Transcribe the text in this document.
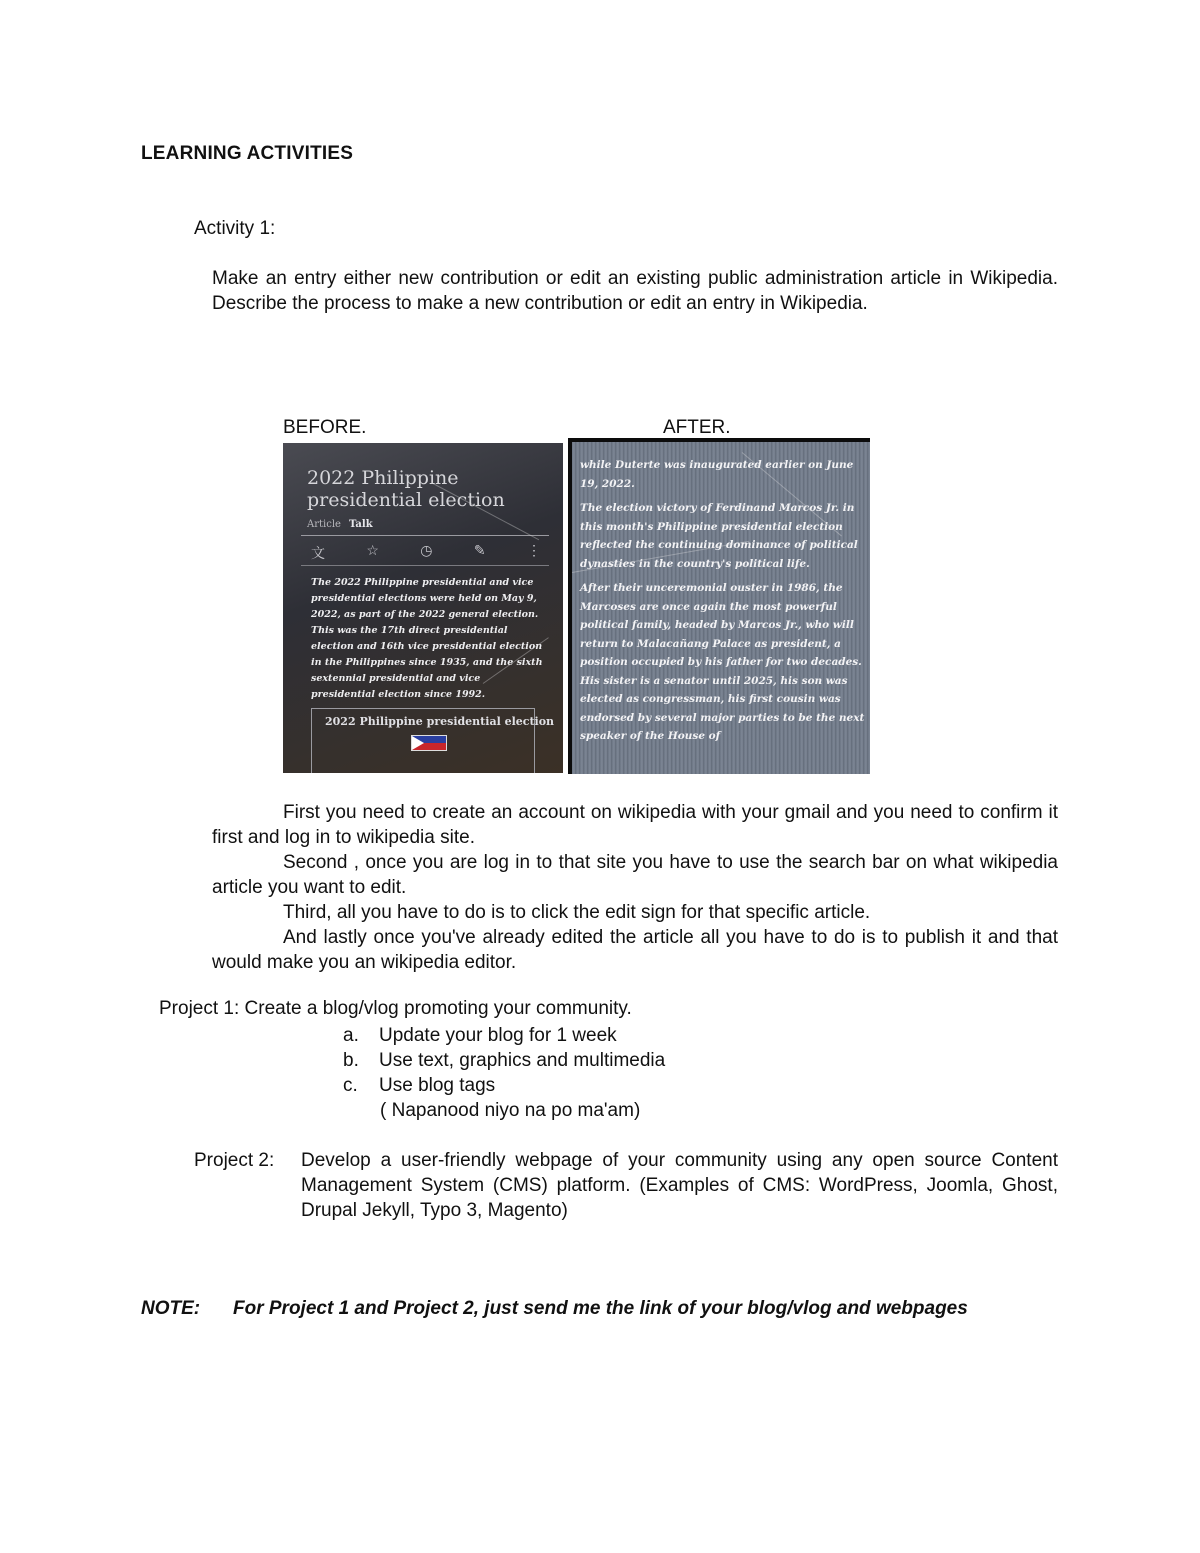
LEARNING ACTIVITIES
Activity 1:
Make an entry either new contribution or edit an existing public administration article in Wikipedia. Describe the process to make a new contribution or edit an entry in Wikipedia.
BEFORE.	AFTER.
2022 Philippine presidential election
Article Talk
文	☆	◷	✎	⋮
The 2022 Philippine presidential and vice presidential elections were held on May 9, 2022, as part of the 2022 general election. This was the 17th direct presidential election and 16th vice presidential election in the Philippines since 1935, and the sixth sextennial presidential and vice presidential election since 1992.
2022 Philippine presidential election

while Duterte was inaugurated earlier on June 19, 2022.

The election victory of Ferdinand Marcos Jr. in this month's Philippine presidential election reflected the continuing dominance of political dynasties in the country's political life.

After their unceremonial ouster in 1986, the Marcoses are once again the most powerful political family, headed by Marcos Jr., who will return to Malacañang Palace as president, a position occupied by his father for two decades. His sister is a senator until 2025, his son was elected as congressman, his first cousin was endorsed by several major parties to be the next speaker of the House of

First you need to create an account on wikipedia with your gmail and you need to confirm it first and log in to wikipedia site.

Second , once you are log in to that site you have to use the search bar on what wikipedia article you want to edit.

Third, all you have to do is to click the edit sign for that specific article.

And lastly once you've already edited the article all you have to do is to publish it and that would make you an wikipedia editor.

Project 1: Create a blog/vlog promoting your community.
a.	Update your blog for 1 week
b.	Use text, graphics and multimedia
c.	Use blog tags
( Napanood niyo na po ma'am)
Project 2: Develop a user-friendly webpage of your community using any open source Content Management System (CMS) platform. (Examples of CMS: WordPress, Joomla, Ghost, Drupal Jekyll, Typo 3, Magento)
NOTE: For Project 1 and Project 2, just send me the link of your blog/vlog and webpages
